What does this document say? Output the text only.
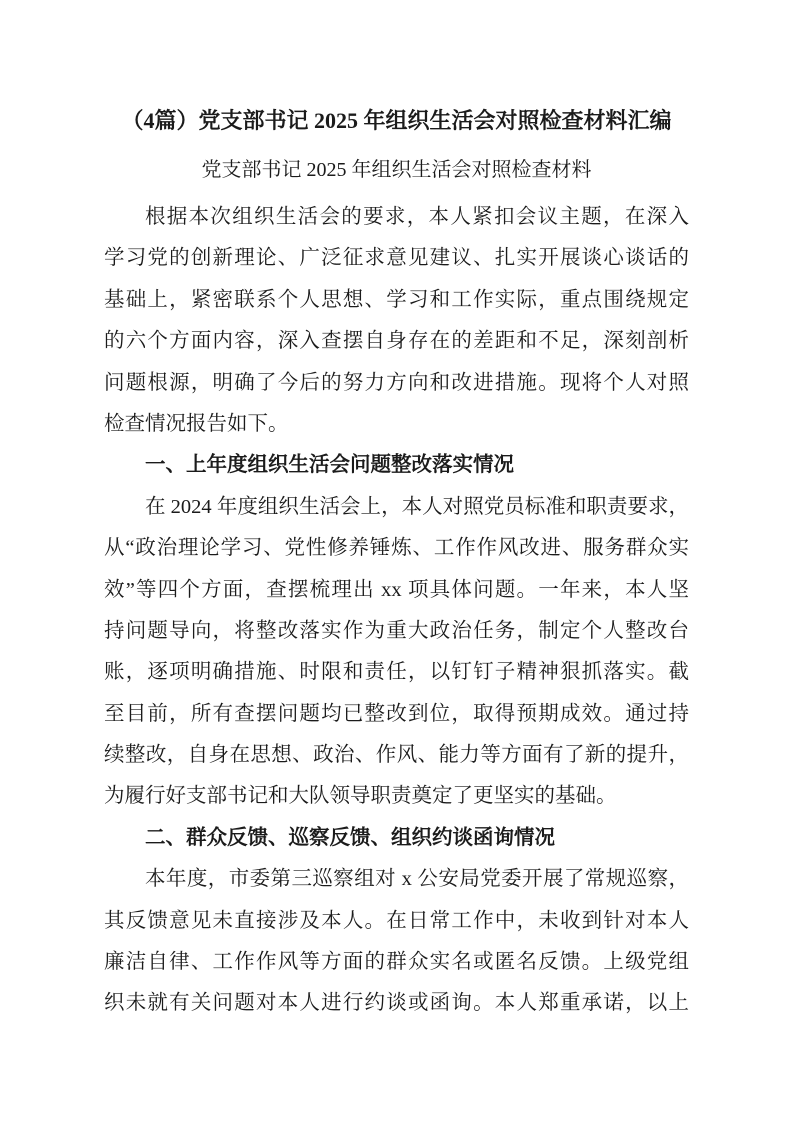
（4篇）党支部书记 2025 年组织生活会对照检查材料汇编
党支部书记 2025 年组织生活会对照检查材料
根据本次组织生活会的要求，本人紧扣会议主题，在深入
学习党的创新理论、广泛征求意见建议、扎实开展谈心谈话的
基础上，紧密联系个人思想、学习和工作实际，重点围绕规定
的六个方面内容，深入查摆自身存在的差距和不足，深刻剖析
问题根源，明确了今后的努力方向和改进措施。现将个人对照
检查情况报告如下。
一、上年度组织生活会问题整改落实情况
在 2024 年度组织生活会上，本人对照党员标准和职责要求，
从“政治理论学习、党性修养锤炼、工作作风改进、服务群众实
效”等四个方面，查摆梳理出 xx 项具体问题。一年来，本人坚
持问题导向，将整改落实作为重大政治任务，制定个人整改台
账，逐项明确措施、时限和责任，以钉钉子精神狠抓落实。截
至目前，所有查摆问题均已整改到位，取得预期成效。通过持
续整改，自身在思想、政治、作风、能力等方面有了新的提升，
为履行好支部书记和大队领导职责奠定了更坚实的基础。
二、群众反馈、巡察反馈、组织约谈函询情况
本年度，市委第三巡察组对 x 公安局党委开展了常规巡察，
其反馈意见未直接涉及本人。在日常工作中，未收到针对本人
廉洁自律、工作作风等方面的群众实名或匿名反馈。上级党组
织未就有关问题对本人进行约谈或函询。本人郑重承诺，以上
